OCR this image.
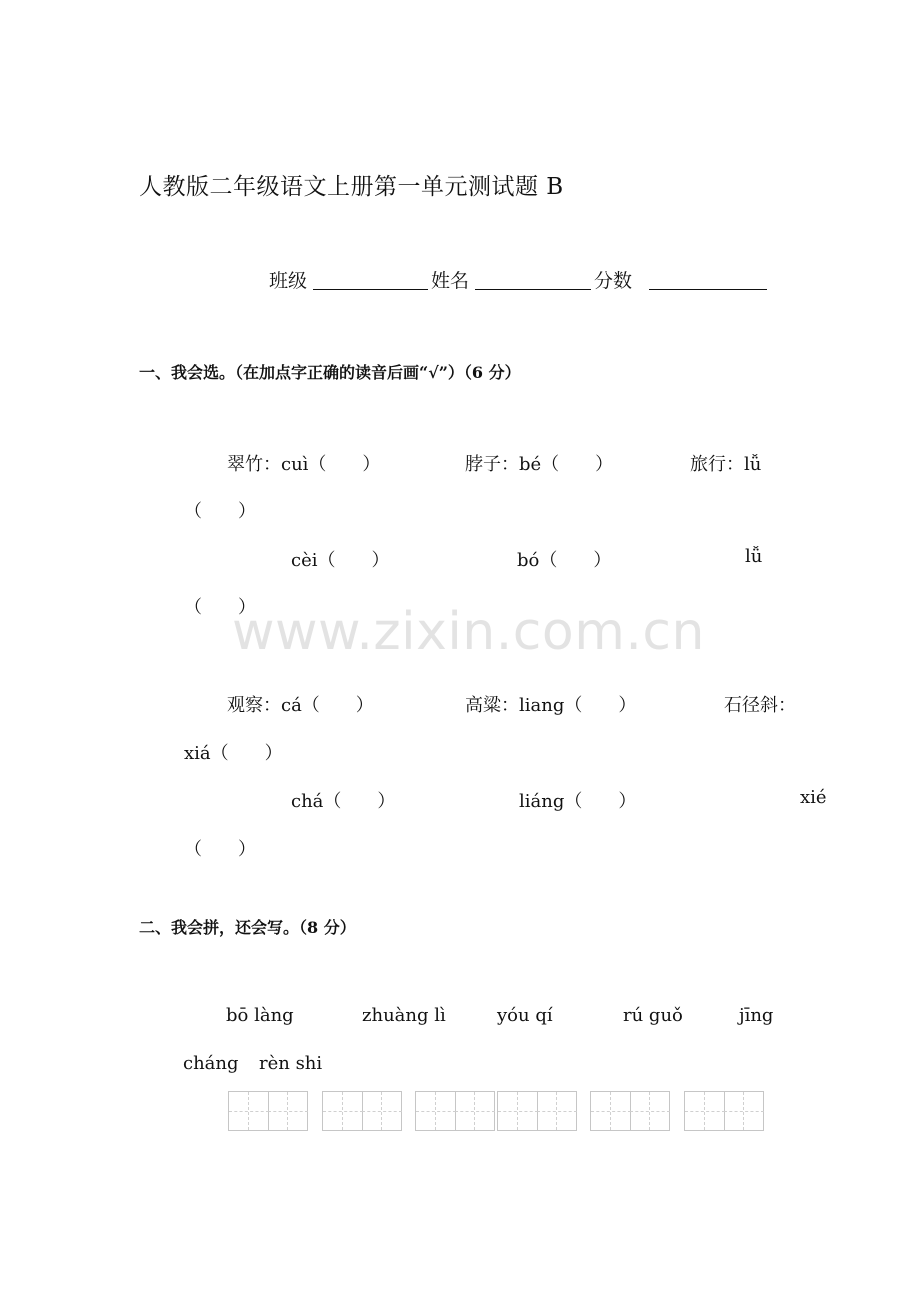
人教版二年级语文上册第一单元测试题 B
班级	姓名	分数
一、我会选。（在加点字正确的读音后画“√”）（6 分）
翠竹：cuì（　　）	脖子：bé（　　）	旅行：lǚ
（　　）
cèi（　　）	bó（　　）	lǚ
（　　）
www.zixin.com.cn
观察：cá（　　）	高粱：liang（　　）	石径斜：
xiá（　　）
chá（　　）	liáng（　　）	xié
（　　）
二、我会拼，还会写。（8 分）
bō làng	zhuàng lì	yóu qí	rú guǒ	jīng
cháng rèn shi
